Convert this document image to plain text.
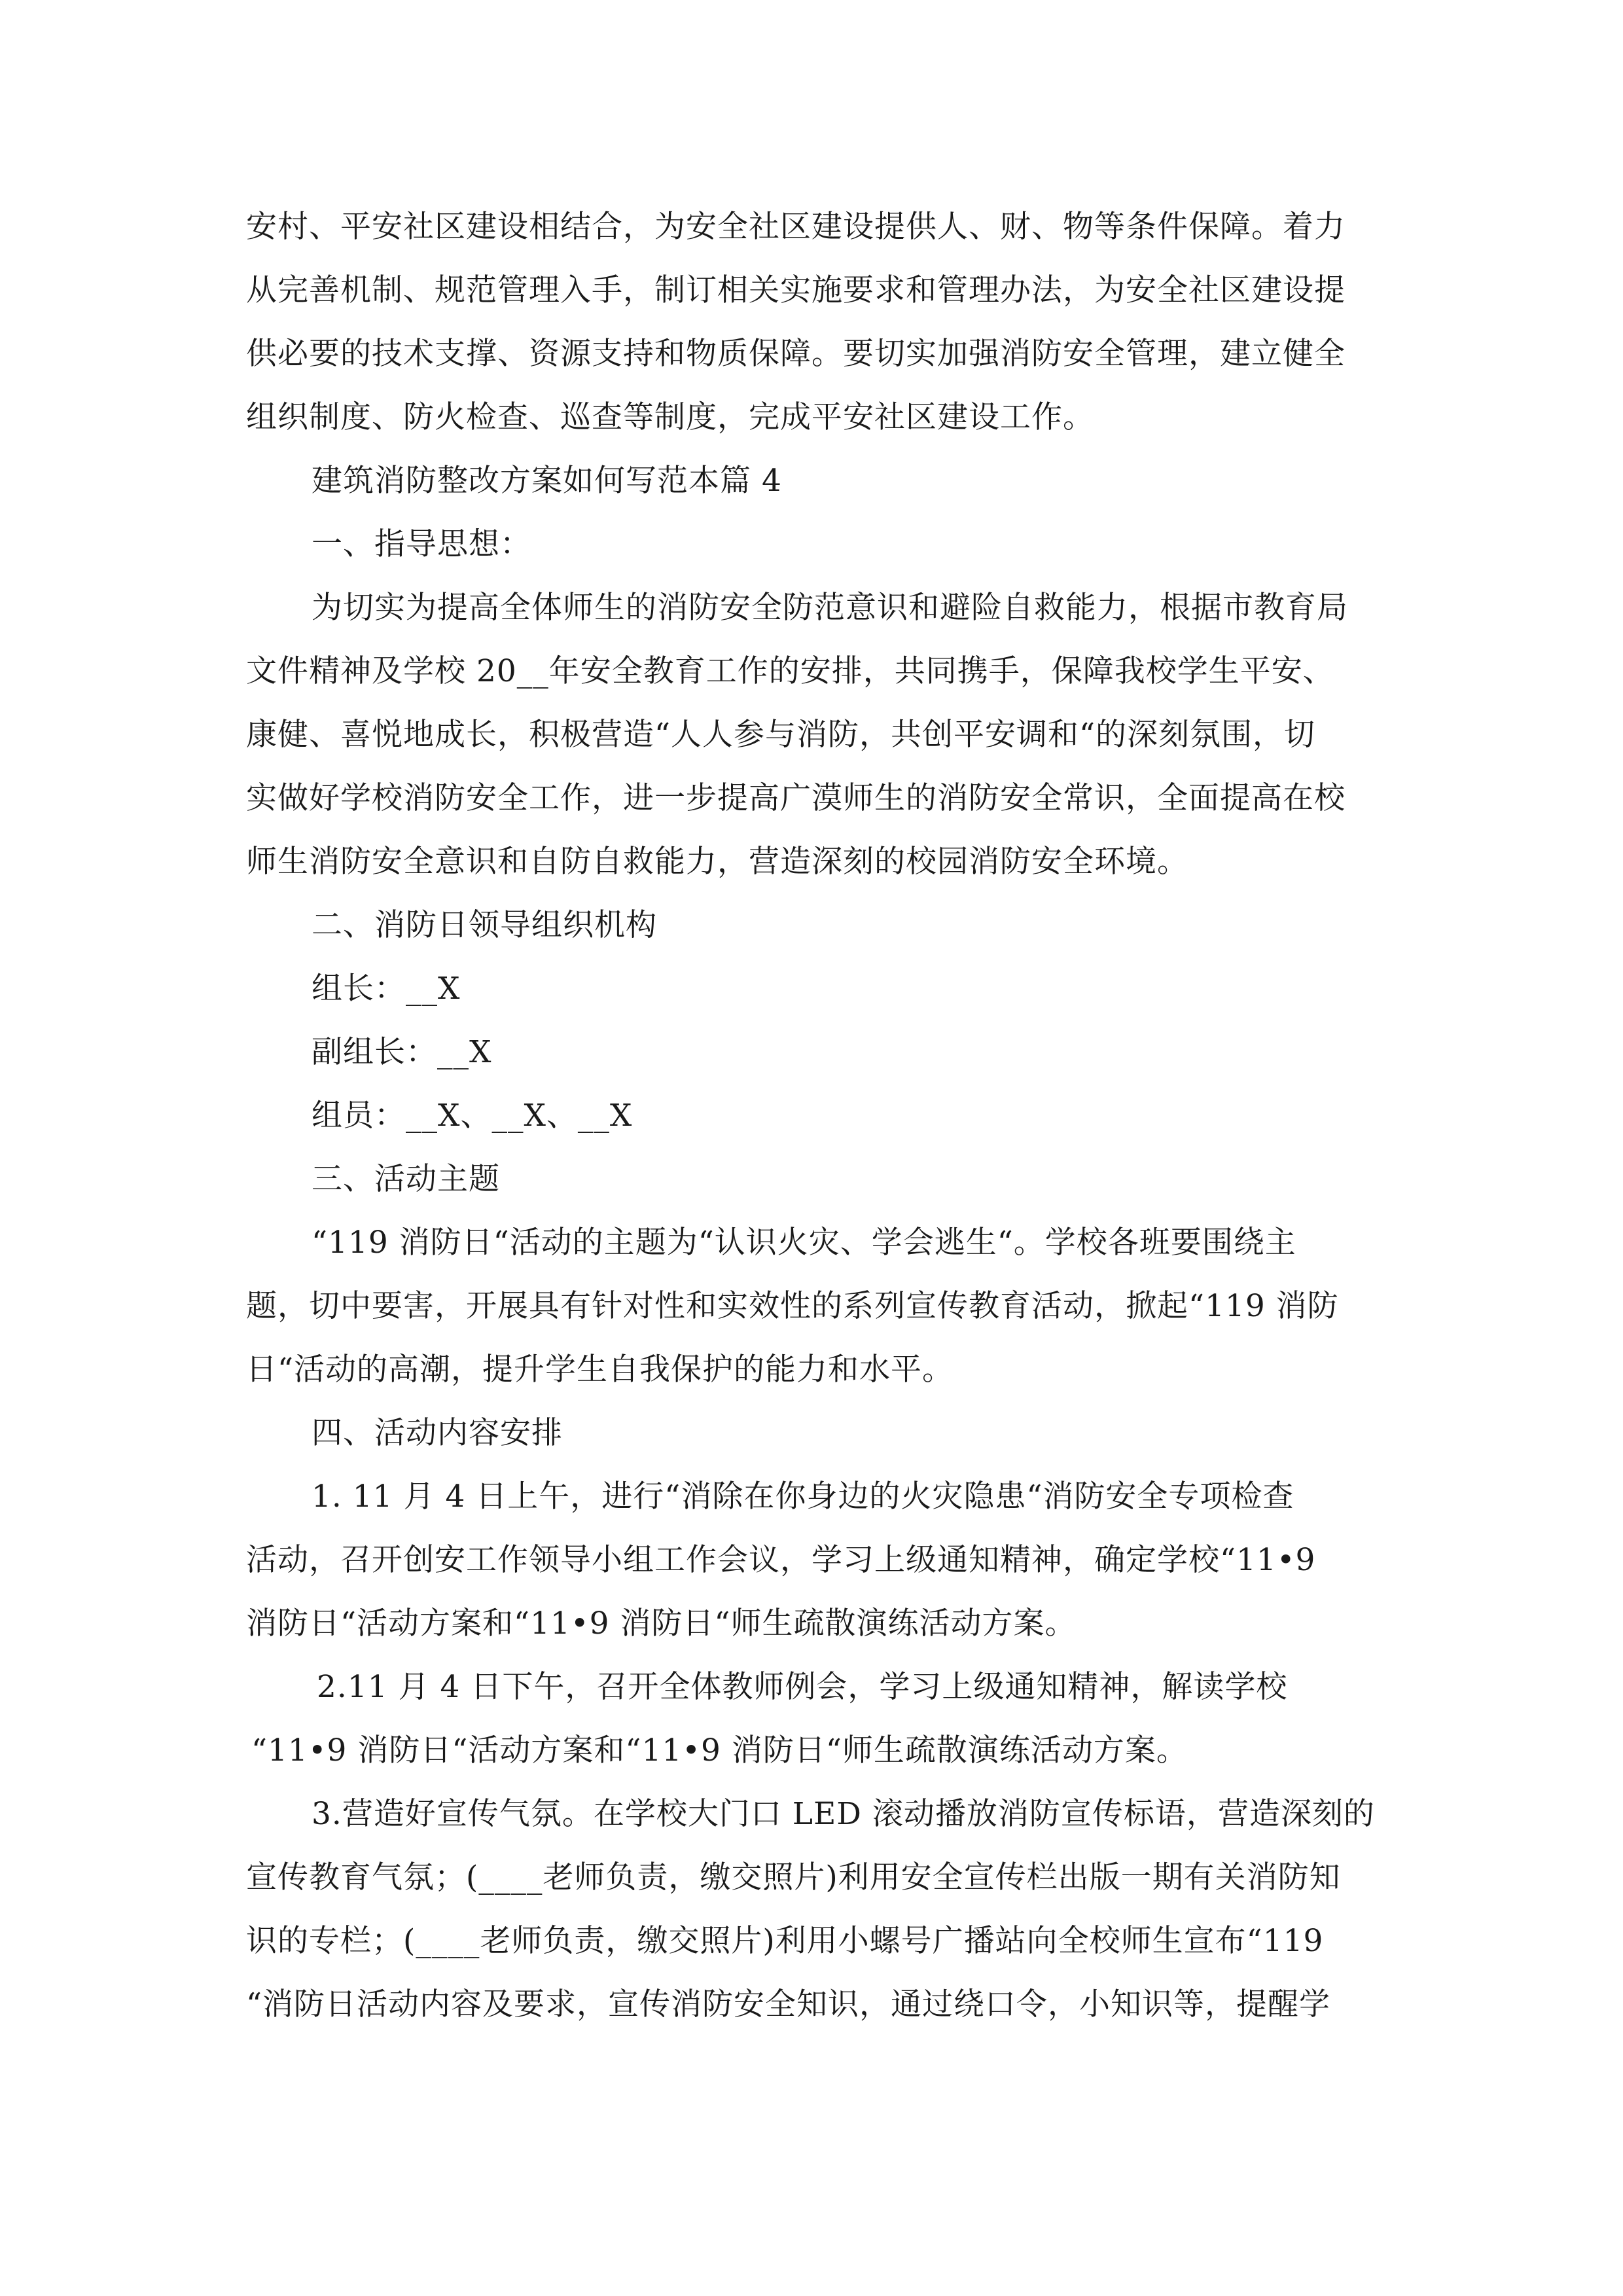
安村、平安社区建设相结合，为安全社区建设提供人、财、物等条件保障。着力
从完善机制、规范管理入手，制订相关实施要求和管理办法，为安全社区建设提
供必要的技术支撑、资源支持和物质保障。要切实加强消防安全管理，建立健全
组织制度、防火检查、巡查等制度，完成平安社区建设工作。
建筑消防整改方案如何写范本篇 4
一、指导思想：
为切实为提高全体师生的消防安全防范意识和避险自救能力，根据市教育局
文件精神及学校 20__年安全教育工作的安排，共同携手，保障我校学生平安、
康健、喜悦地成长，积极营造“人人参与消防，共创平安调和“的深刻氛围，切
实做好学校消防安全工作，进一步提高广漠师生的消防安全常识，全面提高在校
师生消防安全意识和自防自救能力，营造深刻的校园消防安全环境。
二、消防日领导组织机构
组长：__X
副组长：__X
组员：__X、__X、__X
三、活动主题
“119 消防日“活动的主题为“认识火灾、学会逃生“。学校各班要围绕主
题，切中要害，开展具有针对性和实效性的系列宣传教育活动，掀起“119 消防
日“活动的高潮，提升学生自我保护的能力和水平。
四、活动内容安排
1. 11 月 4 日上午，进行“消除在你身边的火灾隐患“消防安全专项检查
活动，召开创安工作领导小组工作会议，学习上级通知精神，确定学校“11•9
消防日“活动方案和“11•9 消防日“师生疏散演练活动方案。
2.11 月 4 日下午，召开全体教师例会，学习上级通知精神，解读学校
“11•9 消防日“活动方案和“11•9 消防日“师生疏散演练活动方案。
3.营造好宣传气氛。在学校大门口 LED 滚动播放消防宣传标语，营造深刻的
宣传教育气氛；(____老师负责，缴交照片)利用安全宣传栏出版一期有关消防知
识的专栏；(____老师负责，缴交照片)利用小螺号广播站向全校师生宣布“119
“消防日活动内容及要求，宣传消防安全知识，通过绕口令，小知识等，提醒学
